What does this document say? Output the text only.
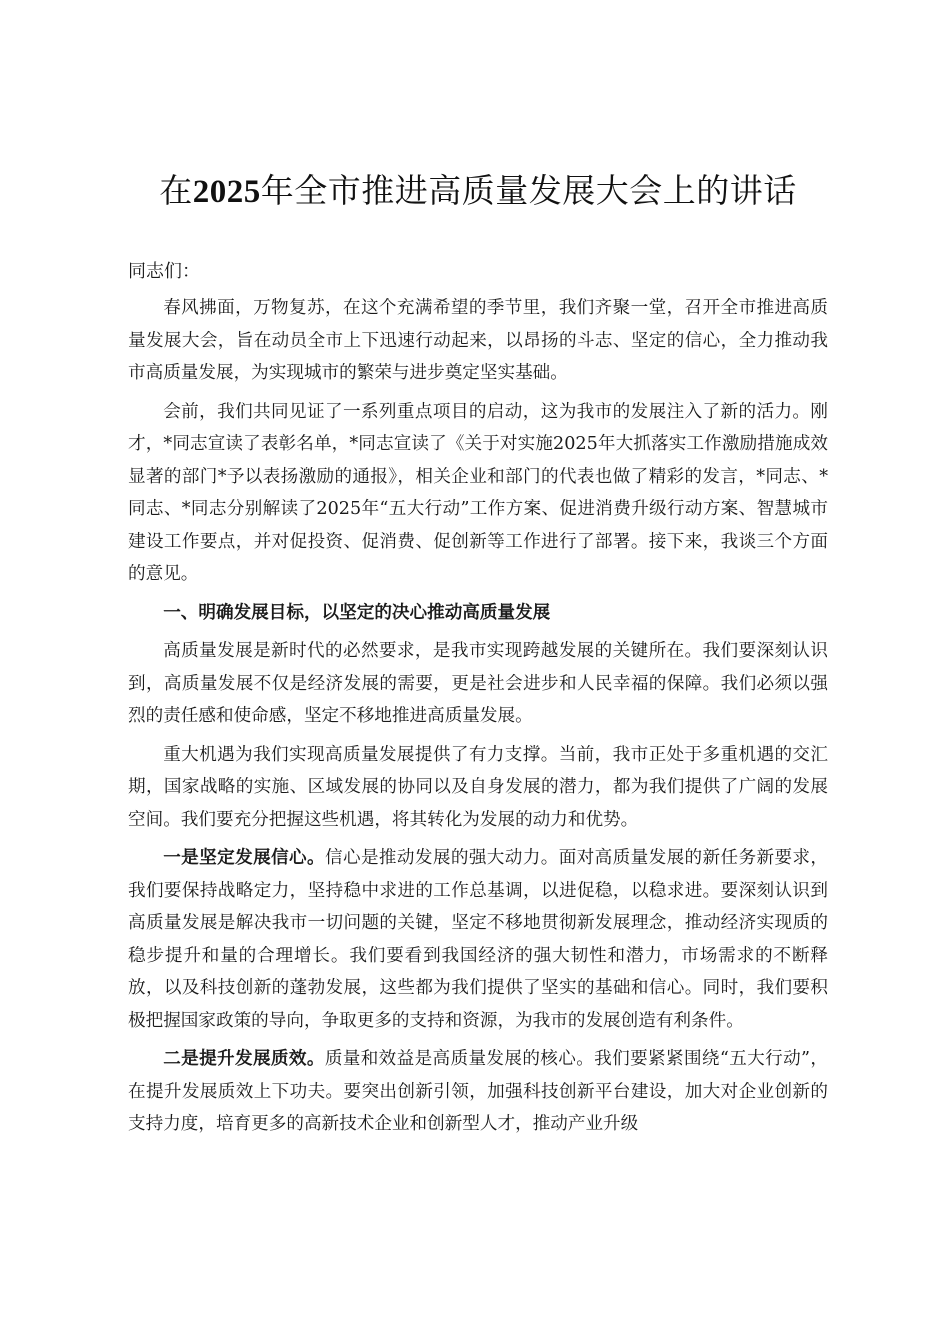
在2025年全市推进高质量发展大会上的讲话
同志们：

春风拂面，万物复苏，在这个充满希望的季节里，我们齐聚一堂，召开全市推进高质量发展大会，旨在动员全市上下迅速行动起来，以昂扬的斗志、坚定的信心，全力推动我市高质量发展，为实现城市的繁荣与进步奠定坚实基础。

会前，我们共同见证了一系列重点项目的启动，这为我市的发展注入了新的活力。刚才，*同志宣读了表彰名单，*同志宣读了《关于对实施2025年大抓落实工作激励措施成效显著的部门*予以表扬激励的通报》，相关企业和部门的代表也做了精彩的发言，*同志、*同志、*同志分别解读了2025年“五大行动”工作方案、促进消费升级行动方案、智慧城市建设工作要点，并对促投资、促消费、促创新等工作进行了部署。接下来，我谈三个方面的意见。

一、明确发展目标，以坚定的决心推动高质量发展

高质量发展是新时代的必然要求，是我市实现跨越发展的关键所在。我们要深刻认识到，高质量发展不仅是经济发展的需要，更是社会进步和人民幸福的保障。我们必须以强烈的责任感和使命感，坚定不移地推进高质量发展。

重大机遇为我们实现高质量发展提供了有力支撑。当前，我市正处于多重机遇的交汇期，国家战略的实施、区域发展的协同以及自身发展的潜力，都为我们提供了广阔的发展空间。我们要充分把握这些机遇，将其转化为发展的动力和优势。

一是坚定发展信心。信心是推动发展的强大动力。面对高质量发展的新任务新要求，我们要保持战略定力，坚持稳中求进的工作总基调，以进促稳，以稳求进。要深刻认识到高质量发展是解决我市一切问题的关键，坚定不移地贯彻新发展理念，推动经济实现质的稳步提升和量的合理增长。我们要看到我国经济的强大韧性和潜力，市场需求的不断释放，以及科技创新的蓬勃发展，这些都为我们提供了坚实的基础和信心。同时，我们要积极把握国家政策的导向，争取更多的支持和资源，为我市的发展创造有利条件。

二是提升发展质效。质量和效益是高质量发展的核心。我们要紧紧围绕“五大行动”，在提升发展质效上下功夫。要突出创新引领，加强科技创新平台建设，加大对企业创新的支持力度，培育更多的高新技术企业和创新型人才，推动产业升级
